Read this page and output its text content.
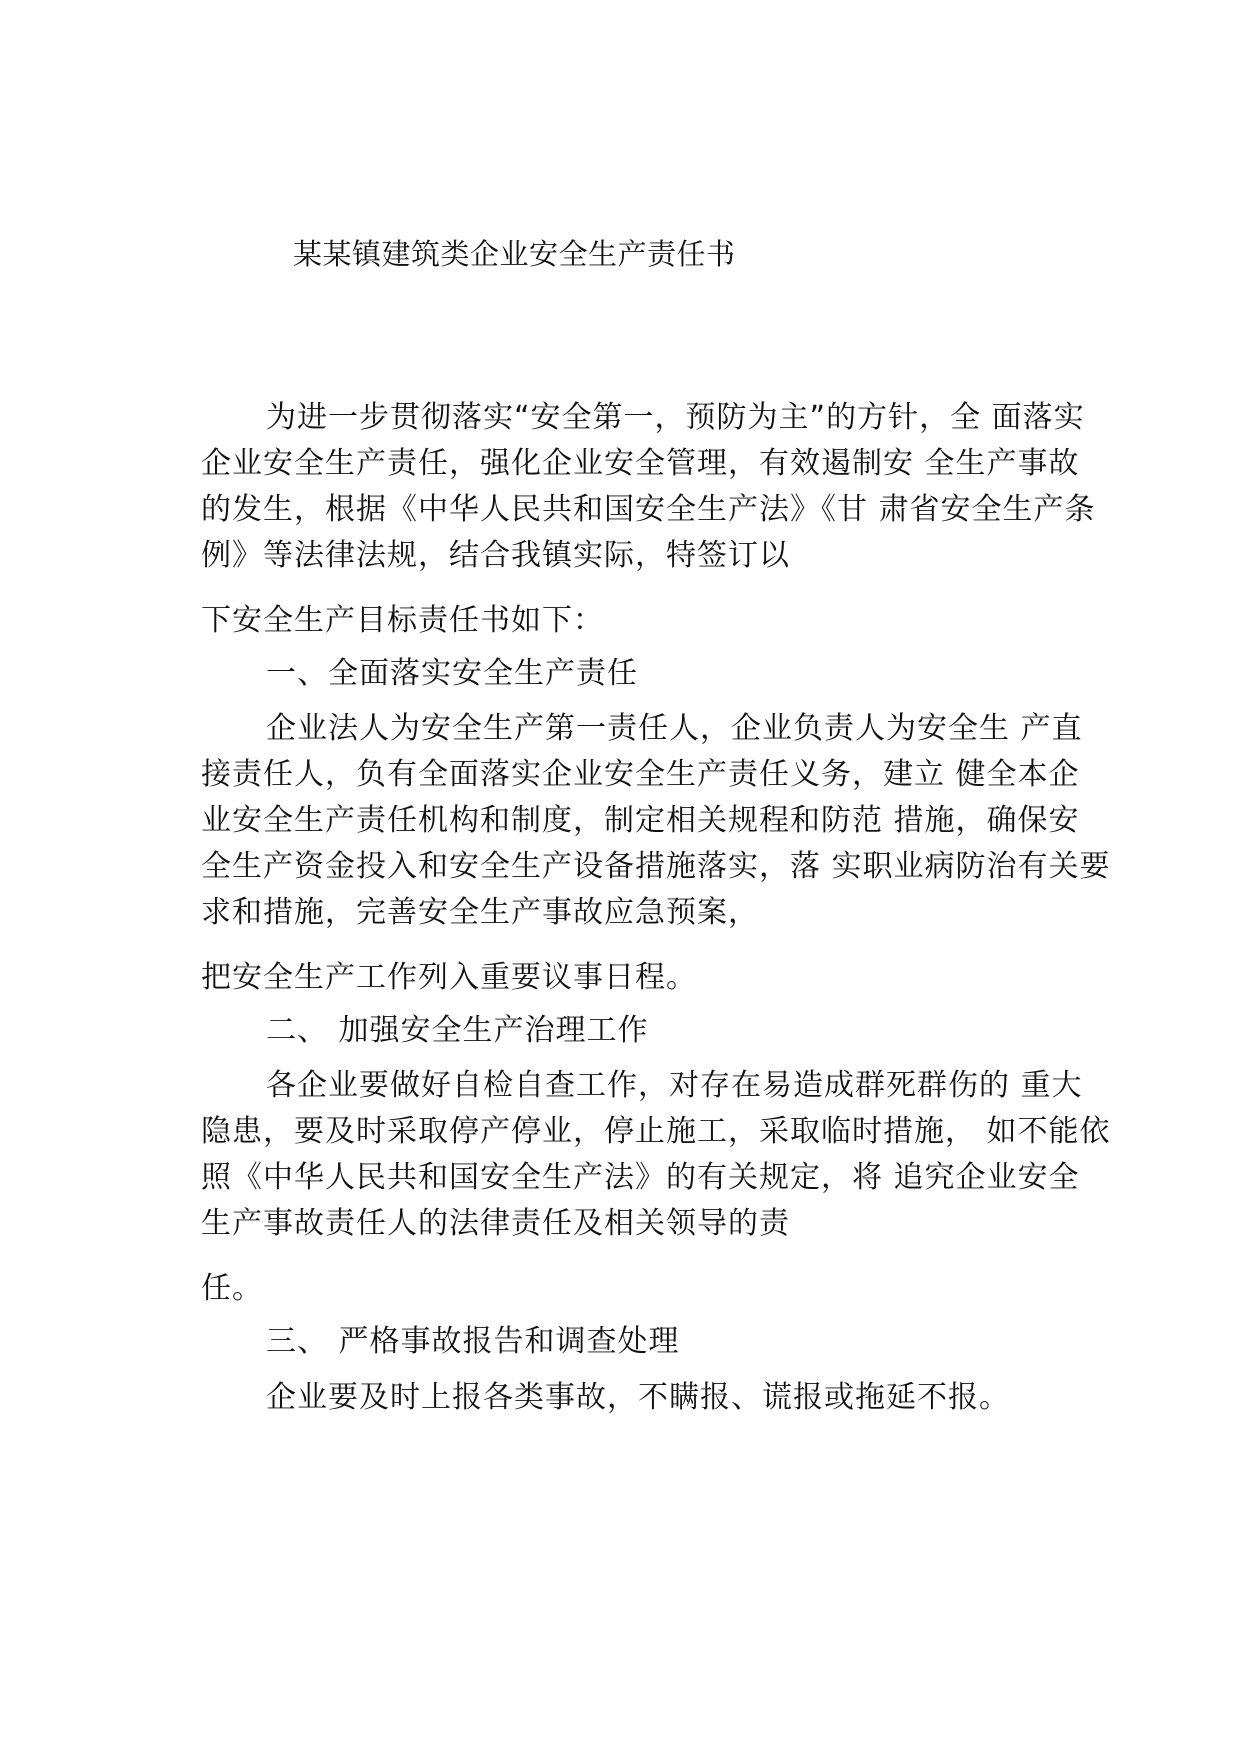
某某镇建筑类企业安全生产责任书
为进一步贯彻落实“安全第一，预防为主”的方针，全 面落实
企业安全生产责任，强化企业安全管理，有效遏制安 全生产事故
的发生，根据《中华人民共和国安全生产法》《甘 肃省安全生产条
例》等法律法规，结合我镇实际，特签订以
下安全生产目标责任书如下：
一、全面落实安全生产责任
企业法人为安全生产第一责任人，企业负责人为安全生 产直
接责任人，负有全面落实企业安全生产责任义务，建立 健全本企
业安全生产责任机构和制度，制定相关规程和防范 措施，确保安
全生产资金投入和安全生产设备措施落实，落 实职业病防治有关要
求和措施，完善安全生产事故应急预案，
把安全生产工作列入重要议事日程。
二、 加强安全生产治理工作
各企业要做好自检自查工作，对存在易造成群死群伤的 重大
隐患，要及时采取停产停业，停止施工，采取临时措施， 如不能依
照《中华人民共和国安全生产法》的有关规定，将 追究企业安全
生产事故责任人的法律责任及相关领导的责
任。
三、 严格事故报告和调查处理
企业要及时上报各类事故，不瞒报、谎报或拖延不报。
